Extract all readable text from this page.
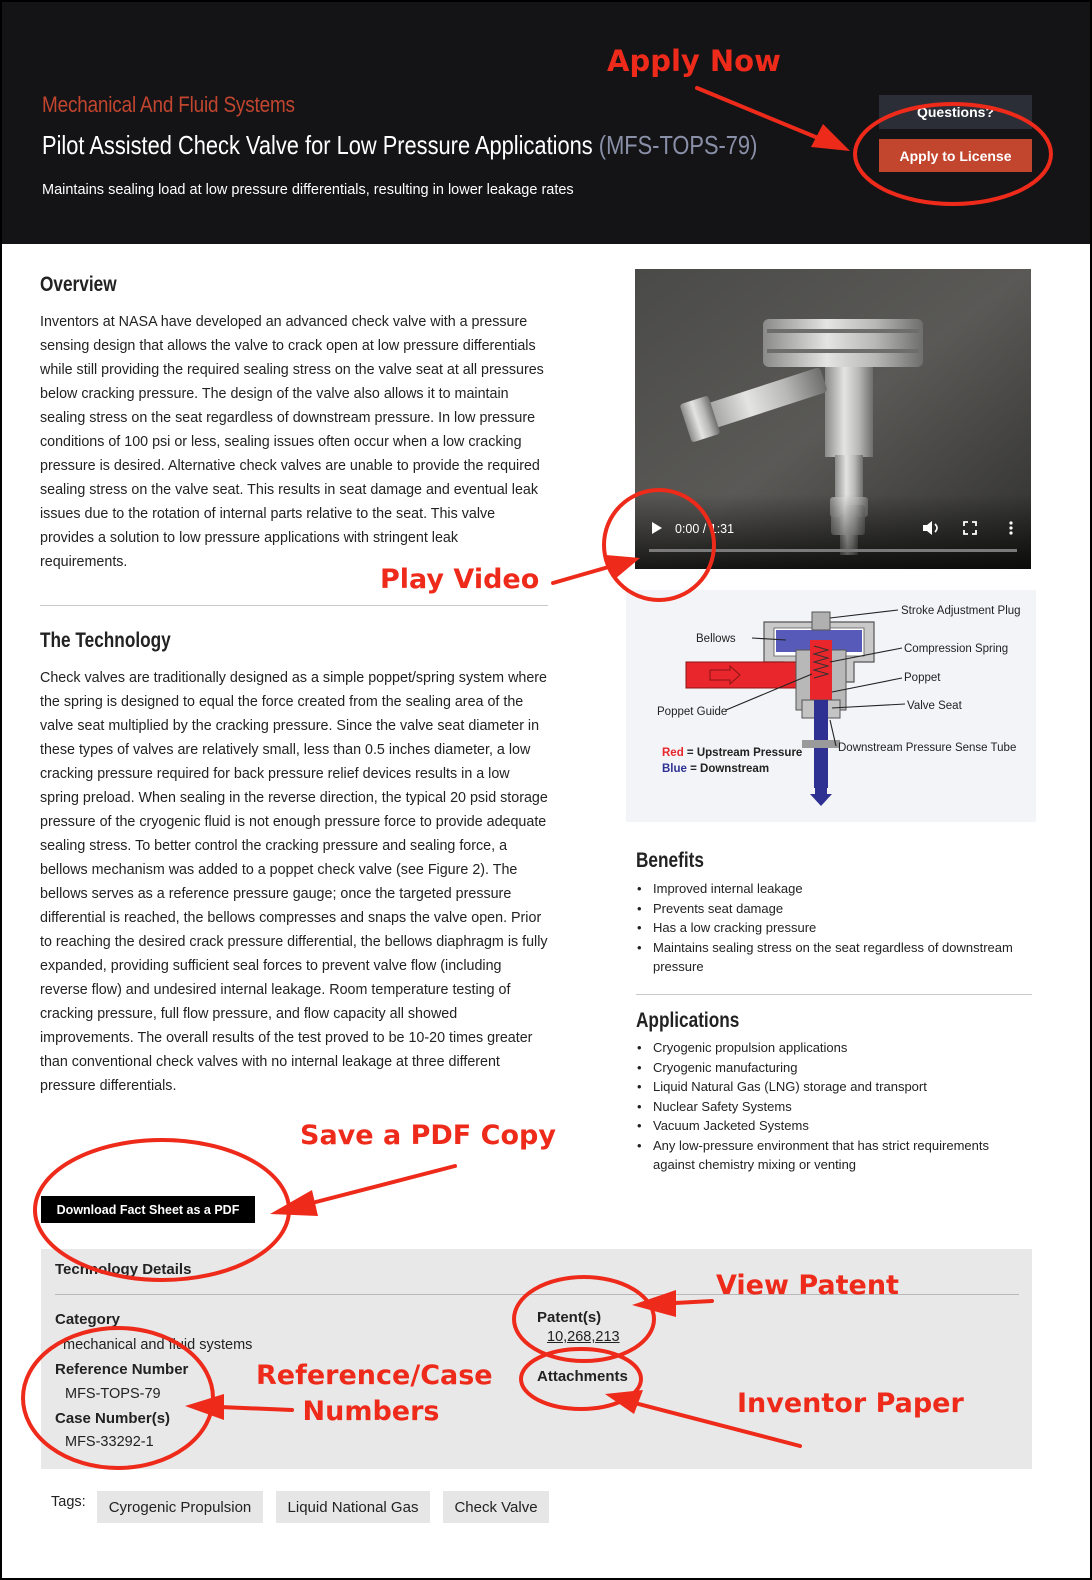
Mechanical And Fluid Systems
Pilot Assisted Check Valve for Low Pressure Applications (MFS-TOPS-79)
Maintains sealing load at low pressure differentials, resulting in lower leakage rates
Questions?
Apply to License
Overview
Inventors at NASA have developed an advanced check valve with a pressure sensing design that allows the valve to crack open at low pressure differentials while still providing the required sealing stress on the valve seat at all pressures below cracking pressure. The design of the valve also allows it to maintain sealing stress on the seat regardless of downstream pressure. In low pressure conditions of 100 psi or less, sealing issues often occur when a low cracking pressure is desired. Alternative check valves are unable to provide the required sealing stress on the valve seat. This results in seat damage and eventual leak issues due to the rotation of internal parts relative to the seat. This valve provides a solution to low pressure applications with stringent leak requirements.
The Technology
Check valves are traditionally designed as a simple poppet/spring system where the spring is designed to equal the force created from the sealing area of the valve seat multiplied by the cracking pressure. Since the valve seat diameter in these types of valves are relatively small, less than 0.5 inches diameter, a low cracking pressure required for back pressure relief devices results in a low spring preload. When sealing in the reverse direction, the typical 20 psid storage pressure of the cryogenic fluid is not enough pressure force to provide adequate sealing stress. To better control the cracking pressure and sealing force, a bellows mechanism was added to a poppet check valve (see Figure 2). The bellows serves as a reference pressure gauge; once the targeted pressure differential is reached, the bellows compresses and snaps the valve open. Prior to reaching the desired crack pressure differential, the bellows diaphragm is fully expanded, providing sufficient seal forces to prevent valve flow (including reverse flow) and undesired internal leakage. Room temperature testing of cracking pressure, full flow pressure, and flow capacity all showed improvements. The overall results of the test proved to be 10-20 times greater than conventional check valves with no internal leakage at three different pressure differentials.
0:00 / 1:31
Stroke Adjustment Plug
Bellows
Compression Spring
Poppet
Valve Seat
Poppet Guide
Downstream Pressure Sense Tube
Red = Upstream Pressure
Blue = Downstream
Benefits
• Improved internal leakage
• Prevents seat damage
• Has a low cracking pressure
• Maintains sealing stress on the seat regardless of downstream pressure
Applications
• Cryogenic propulsion applications
• Cryogenic manufacturing
• Liquid Natural Gas (LNG) storage and transport
• Nuclear Safety Systems
• Vacuum Jacketed Systems
• Any low-pressure environment that has strict requirements against chemistry mixing or venting
Download Fact Sheet as a PDF
Technology Details
Category
mechanical and fluid systems
Reference Number
MFS-TOPS-79
Case Number(s)
MFS-33292-1
Patent(s)
10,268,213
Attachments
Tags:	Cyrogenic Propulsion	Liquid National Gas	Check Valve
Apply Now
Play Video
Save a PDF Copy
View Patent
Reference/Case
Numbers	Inventor Paper
